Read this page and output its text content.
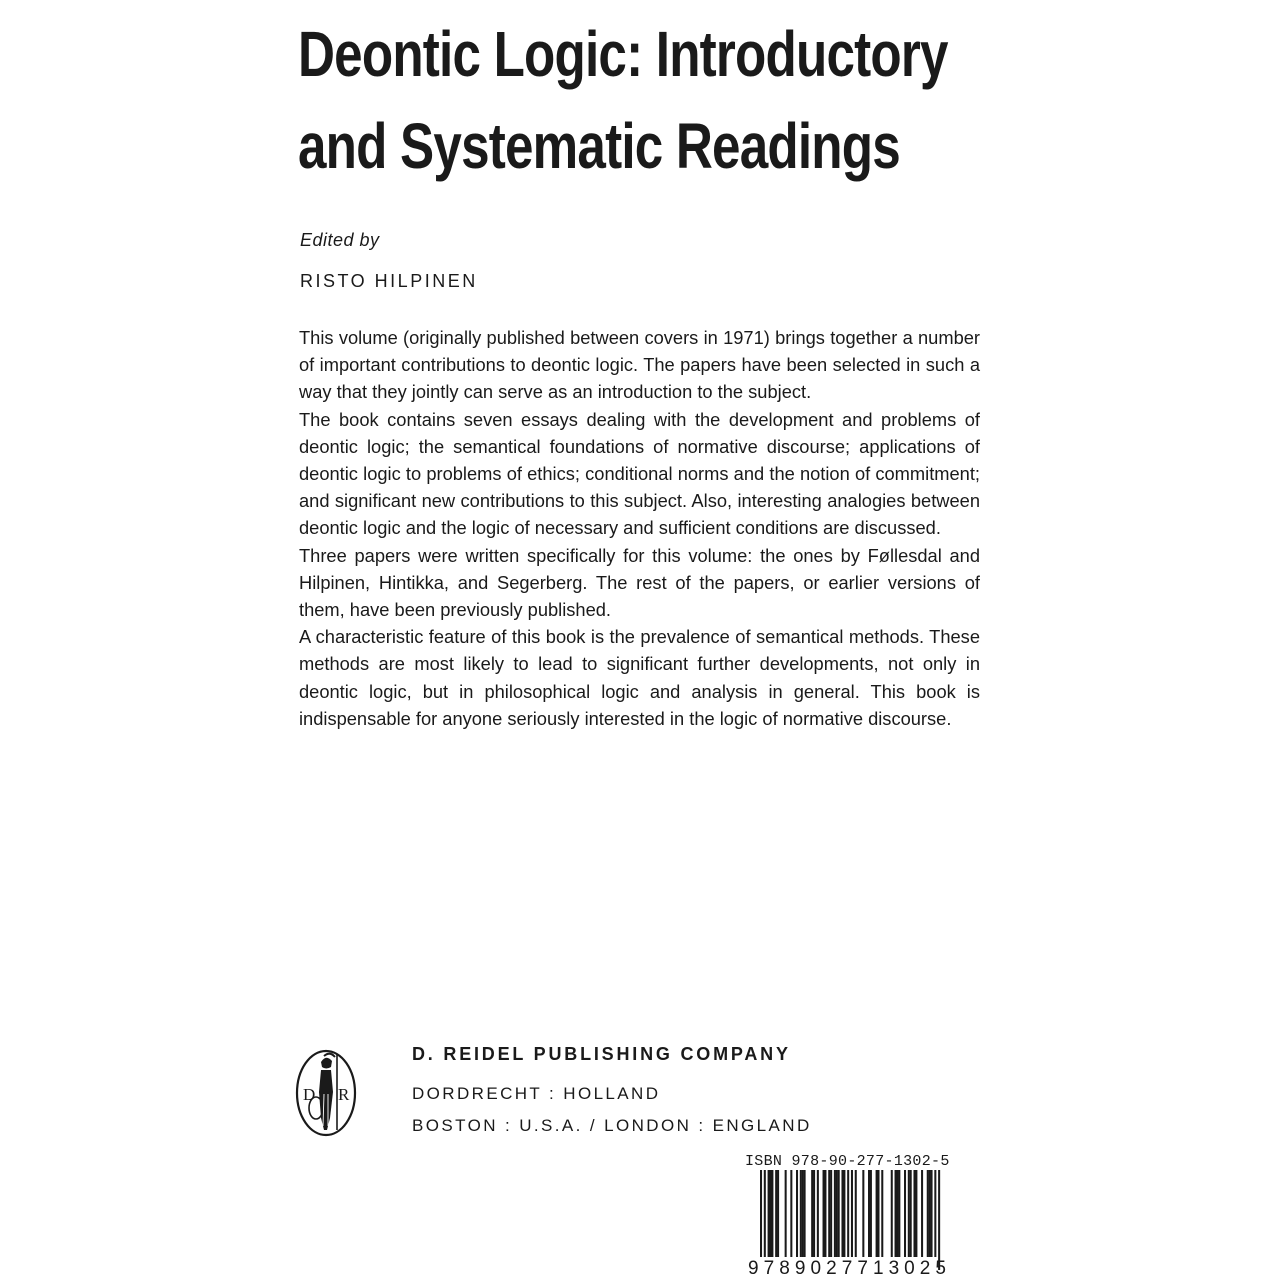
Deontic Logic: Introductory
and Systematic Readings
Edited by
RISTO HILPINEN

This volume (originally published between covers in 1971) brings together a number of important contributions to deontic logic. The papers have been selected in such a way that they jointly can serve as an introduction to the subject.

The book contains seven essays dealing with the development and problems of deontic logic; the semantical foundations of normative discourse; applications of deontic logic to problems of ethics; conditional norms and the notion of commitment; and significant new contributions to this subject. Also, interesting analogies between deontic logic and the logic of necessary and sufficient conditions are discussed.

Three papers were written specifically for this volume: the ones by Føllesdal and Hilpinen, Hintikka, and Segerberg. The rest of the papers, or earlier versions of them, have been previously published.

A characteristic feature of this book is the prevalence of semantical methods. These methods are most likely to lead to significant further developments, not only in deontic logic, but in philosophical logic and analysis in general. This book is indispensable for anyone seriously interested in the logic of normative discourse.

D R
D. REIDEL PUBLISHING COMPANY
DORDRECHT : HOLLAND
BOSTON : U.S.A. / LONDON : ENGLAND
ISBN 978-90-277-1302-5
9789027713025
